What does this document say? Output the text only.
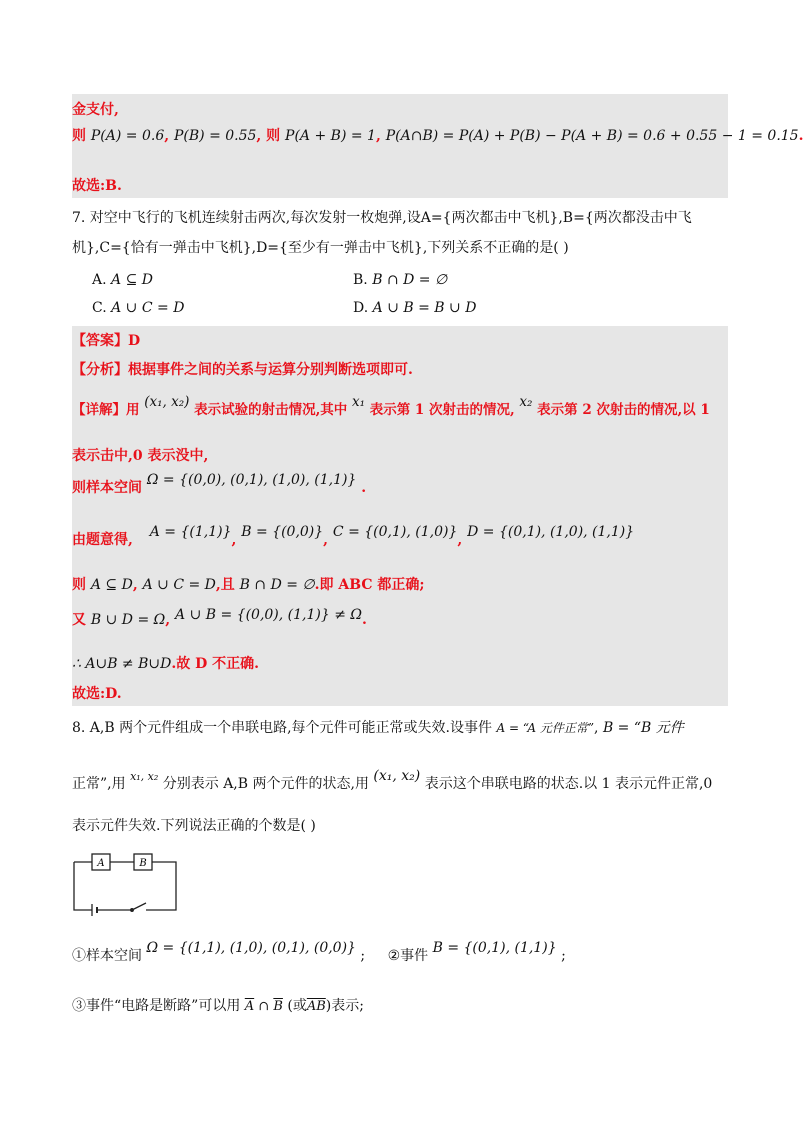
金支付,
则 P(A) = 0.6, P(B) = 0.55, 则 P(A + B) = 1, P(A∩B) = P(A) + P(B) − P(A + B) = 0.6 + 0.55 − 1 = 0.15.
故选:B.
7. 对空中飞行的飞机连续射击两次,每次发射一枚炮弹,设A={两次都击中飞机},B={两次都没击中飞
机},C={恰有一弹击中飞机},D={至少有一弹击中飞机},下列关系不正确的是( )
A. A ⊆ D	B. B ∩ D = ∅
C. A ∪ C = D	D. A ∪ B = B ∪ D
【答案】D
【分析】根据事件之间的关系与运算分别判断选项即可.
【详解】用 (x₁, x₂) 表示试验的射击情况,其中 x₁ 表示第 1 次射击的情况, x₂ 表示第 2 次射击的情况,以 1
表示击中,0 表示没中,
则样本空间 Ω = {(0,0), (0,1), (1,0), (1,1)} .
由题意得, A = {(1,1)}, B = {(0,0)}, C = {(0,1), (1,0)}, D = {(0,1), (1,0), (1,1)}
则 A ⊆ D, A ∪ C = D,且 B ∩ D = ∅.即 ABC 都正确;
又 B ∪ D = Ω, A ∪ B = {(0,0), (1,1)} ≠ Ω.
∴ A∪B ≠ B∪D.故 D 不正确.
故选:D.
8. A,B 两个元件组成一个串联电路,每个元件可能正常或失效.设事件 A = “A 元件正常”, B = “B 元件
正常”,用 $^{x_1, x_2}$ 分别表示 A,B 两个元件的状态,用 (x₁, x₂) 表示这个串联电路的状态.以 1 表示元件正常,0
表示元件失效.下列说法正确的个数是( )
A	B
①样本空间 Ω = {(1,1), (1,0), (0,1), (0,0)} ; ②事件 B = {(0,1), (1,1)} ;
③事件“电路是断路”可以用 $\overline{A}$ ∩ $\overline{B}$ (或$\overline{AB}$)表示;
